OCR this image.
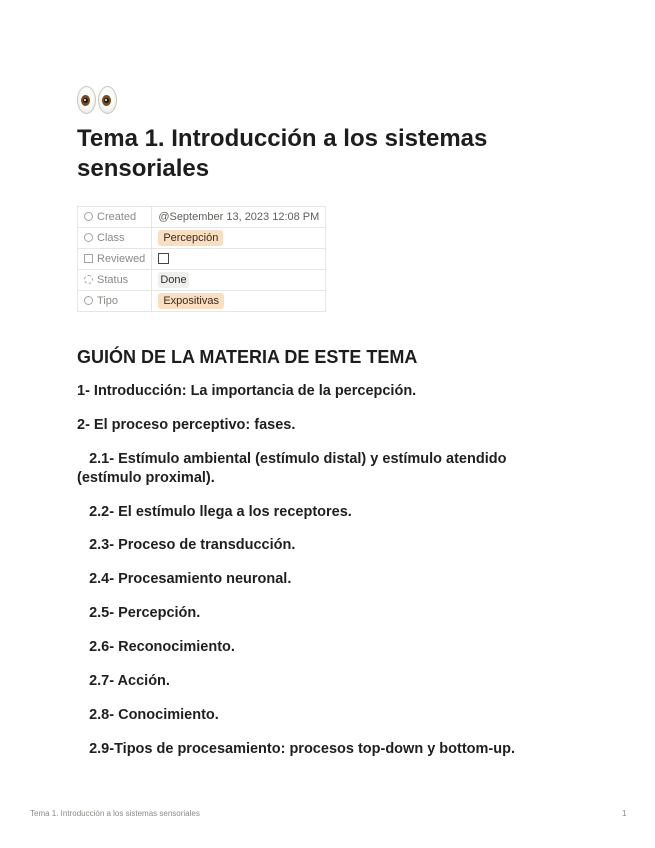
Tema 1. Introducción a los sistemas sensoriales
Created	@September 13, 2023 12:08 PM
Class	Percepción
Reviewed	
Status	Done
Tipo	Expositivas
GUIÓN DE LA MATERIA DE ESTE TEMA

1- Introducción: La importancia de la percepción.

2- El proceso perceptivo: fases.

2.1- Estímulo ambiental (estímulo distal) y estímulo atendido (estímulo proximal).

2.2- El estímulo llega a los receptores.

2.3- Proceso de transducción.

2.4- Procesamiento neuronal.

2.5- Percepción.

2.6- Reconocimiento.

2.7- Acción.

2.8- Conocimiento.

2.9-Tipos de procesamiento: procesos top-down y bottom-up.

Tema 1. Introducción a los sistemas sensoriales	1
